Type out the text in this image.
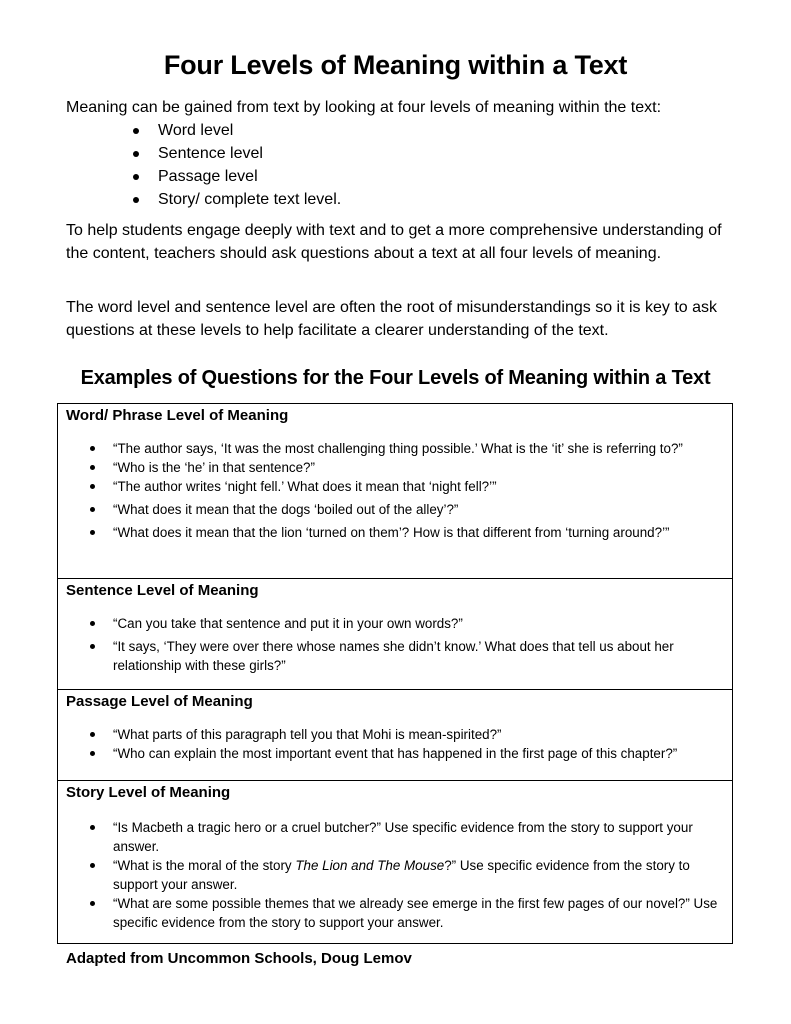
Four Levels of Meaning within a Text
Meaning can be gained from text by looking at four levels of meaning within the text:
Word level
Sentence level
Passage level
Story/ complete text level.
To help students engage deeply with text and to get a more comprehensive understanding of the content, teachers should ask questions about a text at all four levels of meaning.
The word level and sentence level are often the root of misunderstandings so it is key to ask questions at these levels to help facilitate a clearer understanding of the text.
Examples of Questions for the Four Levels of Meaning within a Text
Word/ Phrase Level of Meaning
“The author says, ‘It was the most challenging thing possible.’ What is the ‘it’ she is referring to?”
“Who is the ‘he’ in that sentence?”
“The author writes ‘night fell.’ What does it mean that ‘night fell?’”
“What does it mean that the dogs ‘boiled out of the alley’?”
“What does it mean that the lion ‘turned on them’? How is that different from ‘turning around?’”
Sentence Level of Meaning
“Can you take that sentence and put it in your own words?”
“It says, ‘They were over there whose names she didn’t know.’ What does that tell us about her relationship with these girls?”
Passage Level of Meaning
“What parts of this paragraph tell you that Mohi is mean-spirited?”
“Who can explain the most important event that has happened in the first page of this chapter?”
Story Level of Meaning
“Is Macbeth a tragic hero or a cruel butcher?” Use specific evidence from the story to support your answer.
“What is the moral of the story The Lion and The Mouse?” Use specific evidence from the story to support your answer.
“What are some possible themes that we already see emerge in the first few pages of our novel?” Use specific evidence from the story to support your answer.
Adapted from Uncommon Schools, Doug Lemov
